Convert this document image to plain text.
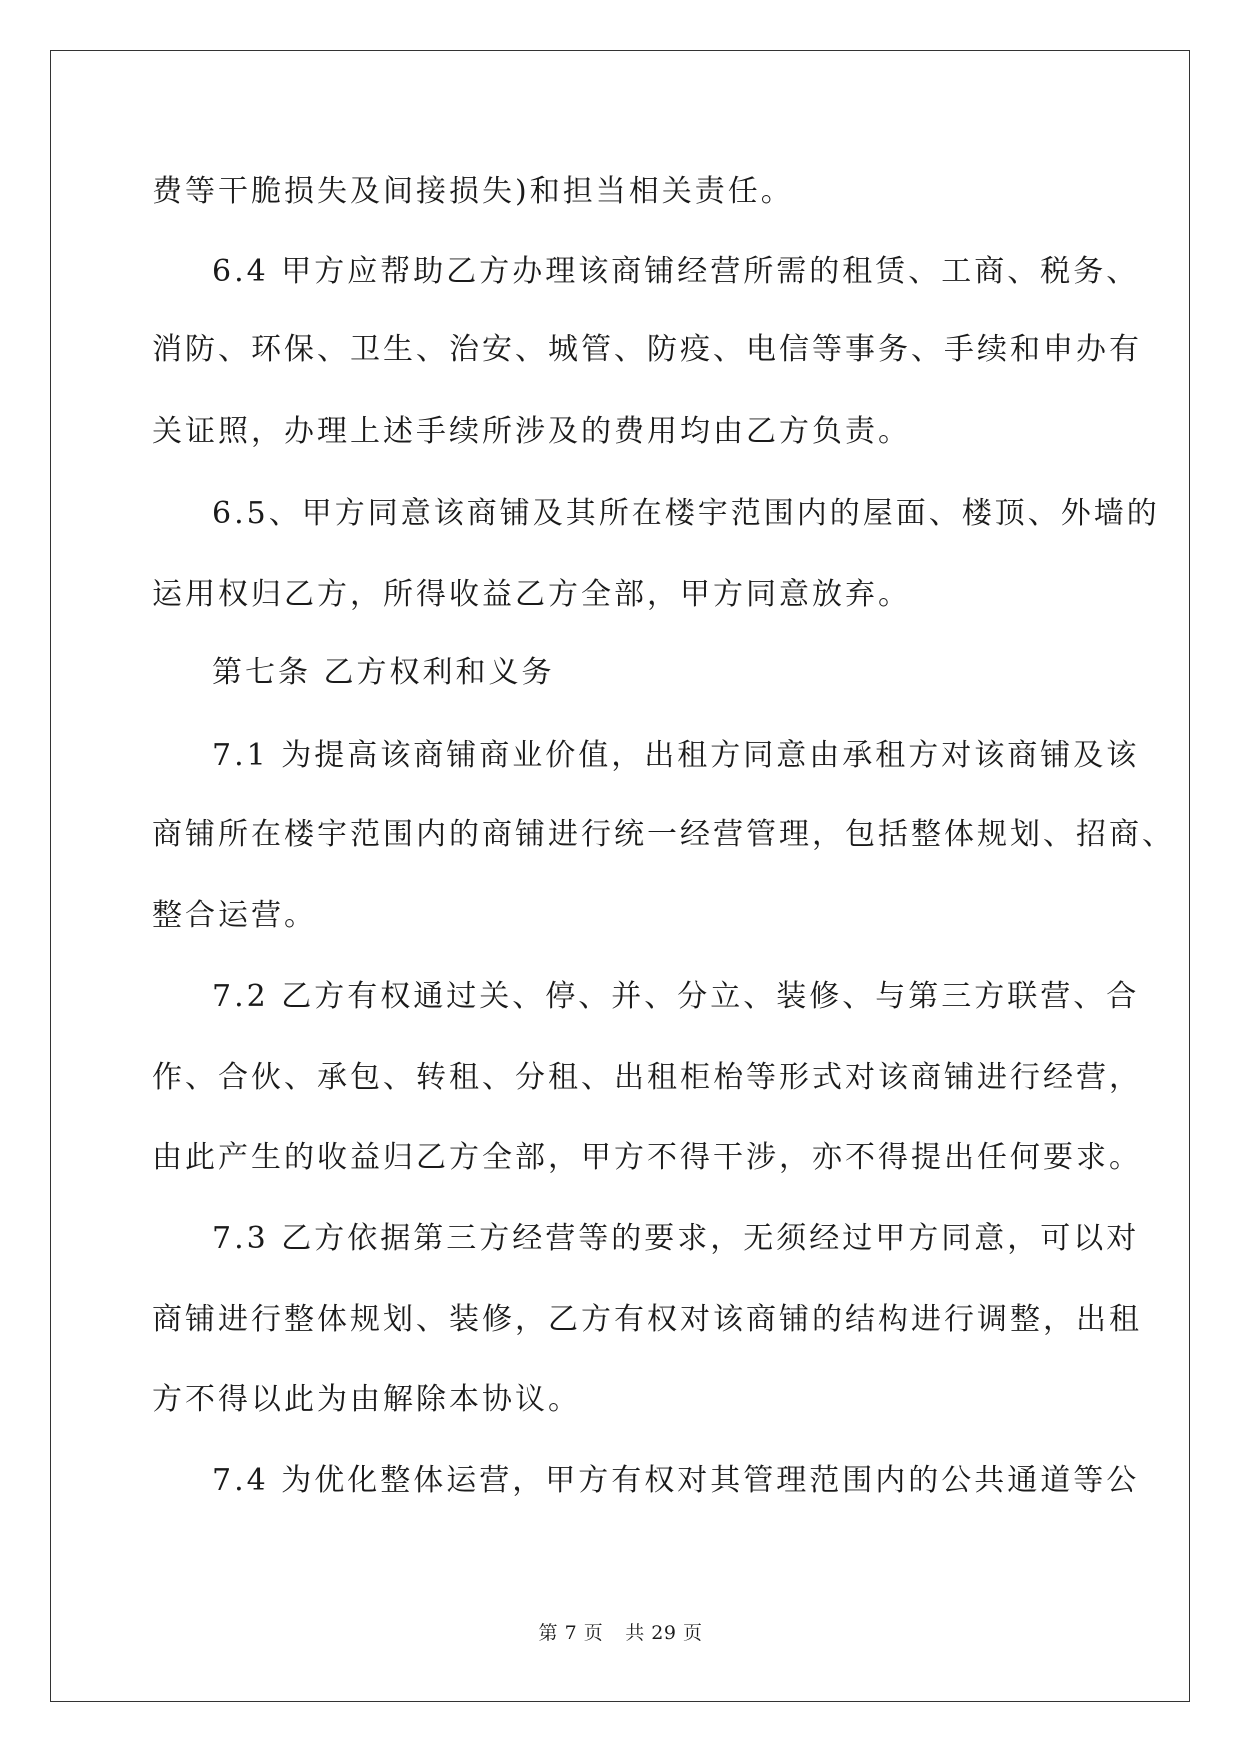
费等干脆损失及间接损失)和担当相关责任。
6.4 甲方应帮助乙方办理该商铺经营所需的租赁、工商、税务、
消防、环保、卫生、治安、城管、防疫、电信等事务、手续和申办有
关证照，办理上述手续所涉及的费用均由乙方负责。
6.5、甲方同意该商铺及其所在楼宇范围内的屋面、楼顶、外墙的
运用权归乙方，所得收益乙方全部，甲方同意放弃。
第七条 乙方权利和义务
7.1 为提高该商铺商业价值，出租方同意由承租方对该商铺及该
商铺所在楼宇范围内的商铺进行统一经营管理，包括整体规划、招商、
整合运营。
7.2 乙方有权通过关、停、并、分立、装修、与第三方联营、合
作、合伙、承包、转租、分租、出租柜枱等形式对该商铺进行经营，
由此产生的收益归乙方全部，甲方不得干涉，亦不得提出任何要求。
7.3 乙方依据第三方经营等的要求，无须经过甲方同意，可以对
商铺进行整体规划、装修，乙方有权对该商铺的结构进行调整，出租
方不得以此为由解除本协议。
7.4 为优化整体运营，甲方有权对其管理范围内的公共通道等公
第 7 页 共 29 页
